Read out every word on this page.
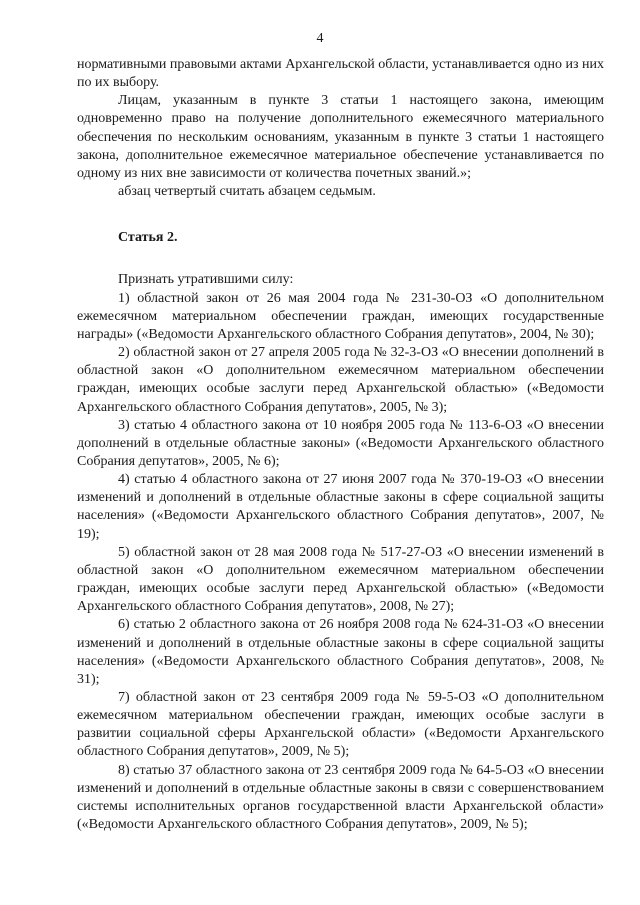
4

нормативными правовыми актами Архангельской области, устанавливается одно из них по их выбору.

Лицам, указанным в пункте 3 статьи 1 настоящего закона, имеющим одновременно право на получение дополнительного ежемесячного материального обеспечения по нескольким основаниям, указанным в пункте 3 статьи 1 настоящего закона, дополнительное ежемесячное материальное обеспечение устанавливается по одному из них вне зависимости от количества почетных званий.»;

абзац четвертый считать абзацем седьмым.

Статья 2.

Признать утратившими силу:

1) областной закон от 26 мая 2004 года № 231-30-ОЗ «О дополнительном ежемесячном материальном обеспечении граждан, имеющих государственные награды» («Ведомости Архангельского областного Собрания депутатов», 2004, № 30);

2) областной закон от 27 апреля 2005 года № 32-3-ОЗ «О внесении дополнений в областной закон «О дополнительном ежемесячном материальном обеспечении граждан, имеющих особые заслуги перед Архангельской областью» («Ведомости Архангельского областного Собрания депутатов», 2005, № 3);

3) статью 4 областного закона от 10 ноября 2005 года № 113-6-ОЗ «О внесении дополнений в отдельные областные законы» («Ведомости Архангельского областного Собрания депутатов», 2005, № 6);

4) статью 4 областного закона от 27 июня 2007 года № 370-19-ОЗ «О внесении изменений и дополнений в отдельные областные законы в сфере социальной защиты населения» («Ведомости Архангельского областного Собрания депутатов», 2007, № 19);

5) областной закон от 28 мая 2008 года № 517-27-ОЗ «О внесении изменений в областной закон «О дополнительном ежемесячном материальном обеспечении граждан, имеющих особые заслуги перед Архангельской областью» («Ведомости Архангельского областного Собрания депутатов», 2008, № 27);

6) статью 2 областного закона от 26 ноября 2008 года № 624-31-ОЗ «О внесении изменений и дополнений в отдельные областные законы в сфере социальной защиты населения» («Ведомости Архангельского областного Собрания депутатов», 2008, № 31);

7) областной закон от 23 сентября 2009 года № 59-5-ОЗ «О дополнительном ежемесячном материальном обеспечении граждан, имеющих особые заслуги в развитии социальной сферы Архангельской области» («Ведомости Архангельского областного Собрания депутатов», 2009, № 5);

8) статью 37 областного закона от 23 сентября 2009 года № 64-5-ОЗ «О внесении изменений и дополнений в отдельные областные законы в связи с совершенствованием системы исполнительных органов государственной власти Архангельской области» («Ведомости Архангельского областного Собрания депутатов», 2009, № 5);
